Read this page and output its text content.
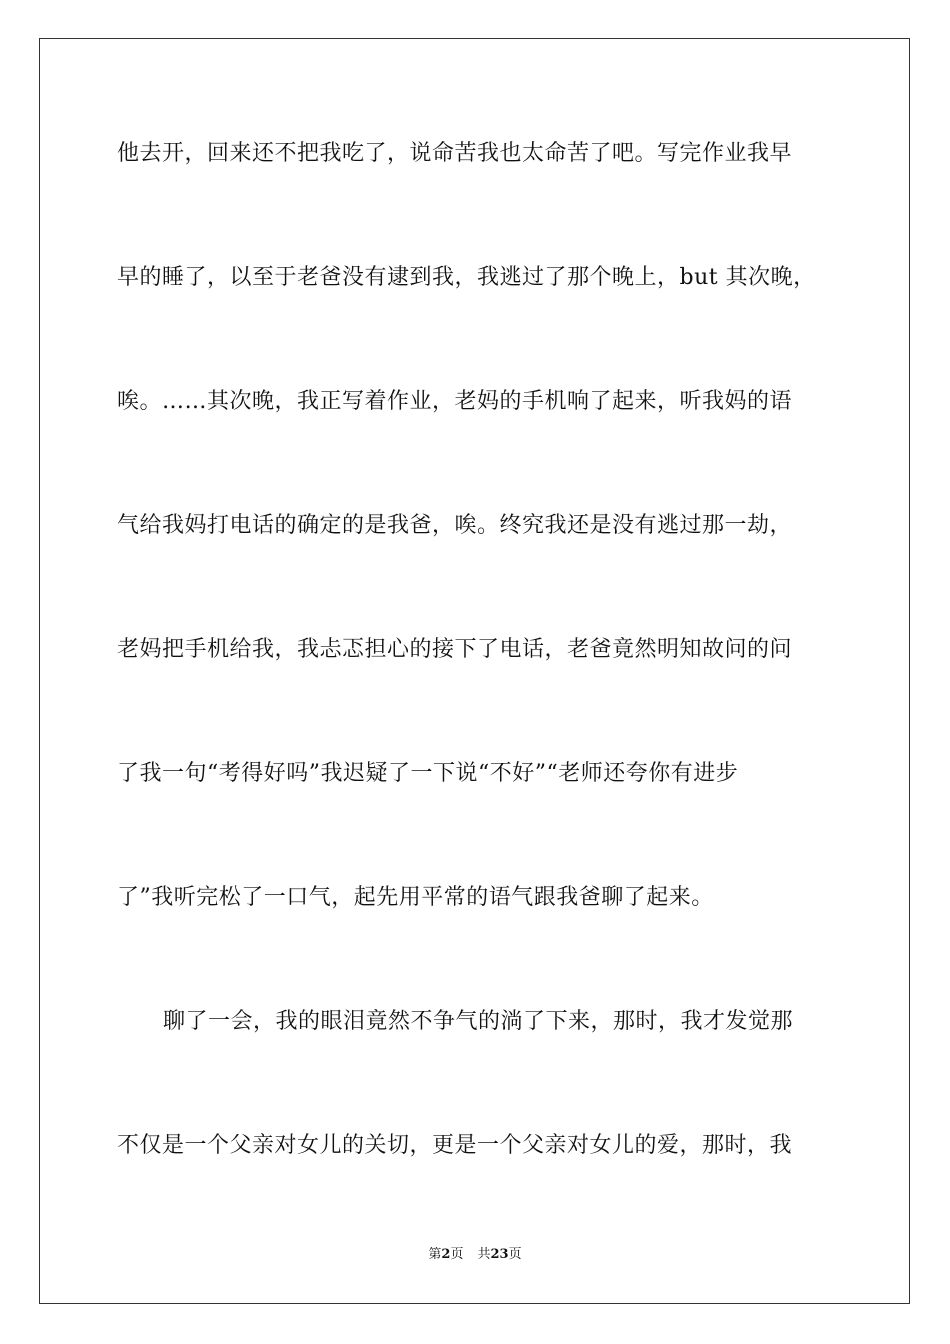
他去开，回来还不把我吃了，说命苦我也太命苦了吧。写完作业我早
早的睡了，以至于老爸没有逮到我，我逃过了那个晚上，but 其次晚，
唉。……其次晚，我正写着作业，老妈的手机响了起来，听我妈的语
气给我妈打电话的确定的是我爸，唉。终究我还是没有逃过那一劫，
老妈把手机给我，我忐忑担心的接下了电话，老爸竟然明知故问的问
了我一句“考得好吗”我迟疑了一下说“不好”“老师还夸你有进步
了”我听完松了一口气，起先用平常的语气跟我爸聊了起来。
聊了一会，我的眼泪竟然不争气的淌了下来，那时，我才发觉那
不仅是一个父亲对女儿的关切，更是一个父亲对女儿的爱，那时，我
第2页 共23页
